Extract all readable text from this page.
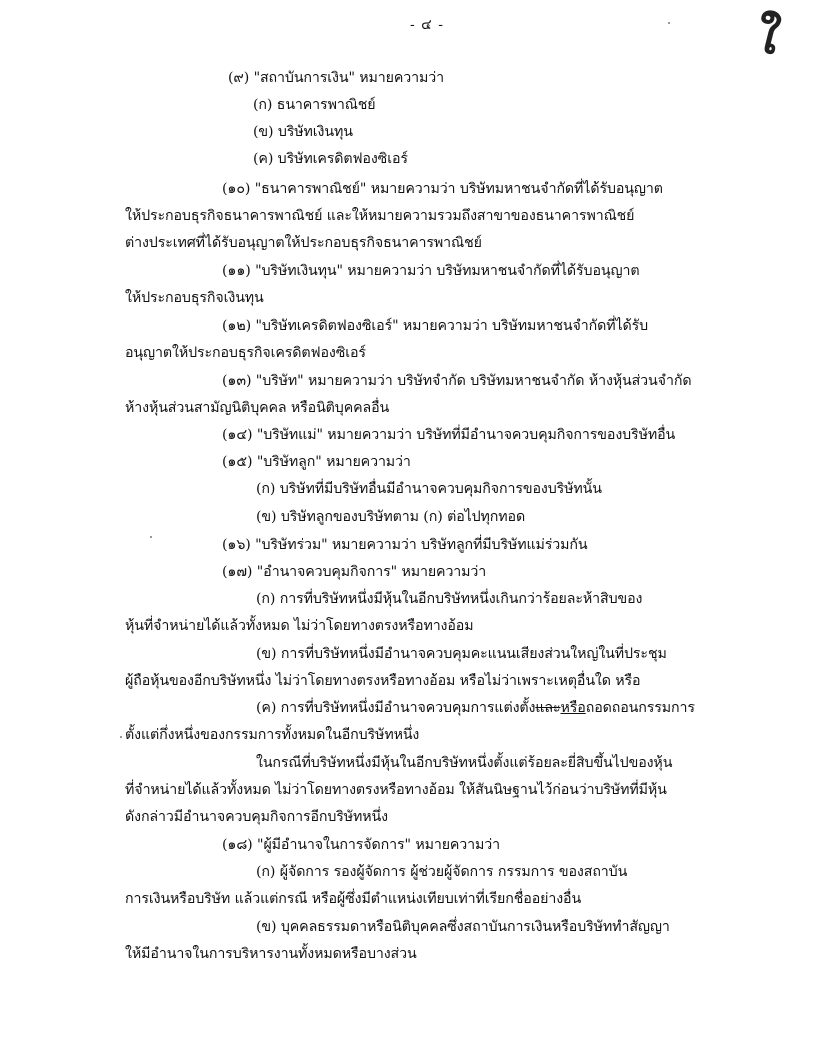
- ๔ -	ใ
(๙) "สถาบันการเงิน" หมายความว่า
(ก) ธนาคารพาณิชย์
(ข) บริษัทเงินทุน
(ค) บริษัทเครดิตฟองซิเอร์
(๑๐) "ธนาคารพาณิชย์" หมายความว่า บริษัทมหาชนจำกัดที่ได้รับอนุญาต
ให้ประกอบธุรกิจธนาคารพาณิชย์ และให้หมายความรวมถึงสาขาของธนาคารพาณิชย์
ต่างประเทศที่ได้รับอนุญาตให้ประกอบธุรกิจธนาคารพาณิชย์
(๑๑) "บริษัทเงินทุน" หมายความว่า บริษัทมหาชนจำกัดที่ได้รับอนุญาต
ให้ประกอบธุรกิจเงินทุน
(๑๒) "บริษัทเครดิตฟองซิเอร์" หมายความว่า บริษัทมหาชนจำกัดที่ได้รับ
อนุญาตให้ประกอบธุรกิจเครดิตฟองซิเอร์
(๑๓) "บริษัท" หมายความว่า บริษัทจำกัด บริษัทมหาชนจำกัด ห้างหุ้นส่วนจำกัด
ห้างหุ้นส่วนสามัญนิติบุคคล หรือนิติบุคคลอื่น
(๑๔) "บริษัทแม่" หมายความว่า บริษัทที่มีอำนาจควบคุมกิจการของบริษัทอื่น
(๑๕) "บริษัทลูก" หมายความว่า
(ก) บริษัทที่มีบริษัทอื่นมีอำนาจควบคุมกิจการของบริษัทนั้น
(ข) บริษัทลูกของบริษัทตาม (ก) ต่อไปทุกทอด
(๑๖) "บริษัทร่วม" หมายความว่า บริษัทลูกที่มีบริษัทแม่ร่วมกัน
(๑๗) "อำนาจควบคุมกิจการ" หมายความว่า
(ก) การที่บริษัทหนึ่งมีหุ้นในอีกบริษัทหนึ่งเกินกว่าร้อยละห้าสิบของ
หุ้นที่จำหน่ายได้แล้วทั้งหมด ไม่ว่าโดยทางตรงหรือทางอ้อม
(ข) การที่บริษัทหนึ่งมีอำนาจควบคุมคะแนนเสียงส่วนใหญ่ในที่ประชุม
ผู้ถือหุ้นของอีกบริษัทหนึ่ง ไม่ว่าโดยทางตรงหรือทางอ้อม หรือไม่ว่าเพราะเหตุอื่นใด หรือ
(ค) การที่บริษัทหนึ่งมีอำนาจควบคุมการแต่งตั้งและหรือถอดถอนกรรมการ
ตั้งแต่กึ่งหนึ่งของกรรมการทั้งหมดในอีกบริษัทหนึ่ง
ในกรณีที่บริษัทหนึ่งมีหุ้นในอีกบริษัทหนึ่งตั้งแต่ร้อยละยี่สิบขึ้นไปของหุ้น
ที่จำหน่ายได้แล้วทั้งหมด ไม่ว่าโดยทางตรงหรือทางอ้อม ให้สันนิษฐานไว้ก่อนว่าบริษัทที่มีหุ้น
ดังกล่าวมีอำนาจควบคุมกิจการอีกบริษัทหนึ่ง
(๑๘) "ผู้มีอำนาจในการจัดการ" หมายความว่า
(ก) ผู้จัดการ รองผู้จัดการ ผู้ช่วยผู้จัดการ กรรมการ ของสถาบัน
การเงินหรือบริษัท แล้วแต่กรณี หรือผู้ซึ่งมีตำแหน่งเทียบเท่าที่เรียกชื่ออย่างอื่น
(ข) บุคคลธรรมดาหรือนิติบุคคลซึ่งสถาบันการเงินหรือบริษัททำสัญญา
ให้มีอำนาจในการบริหารงานทั้งหมดหรือบางส่วน
